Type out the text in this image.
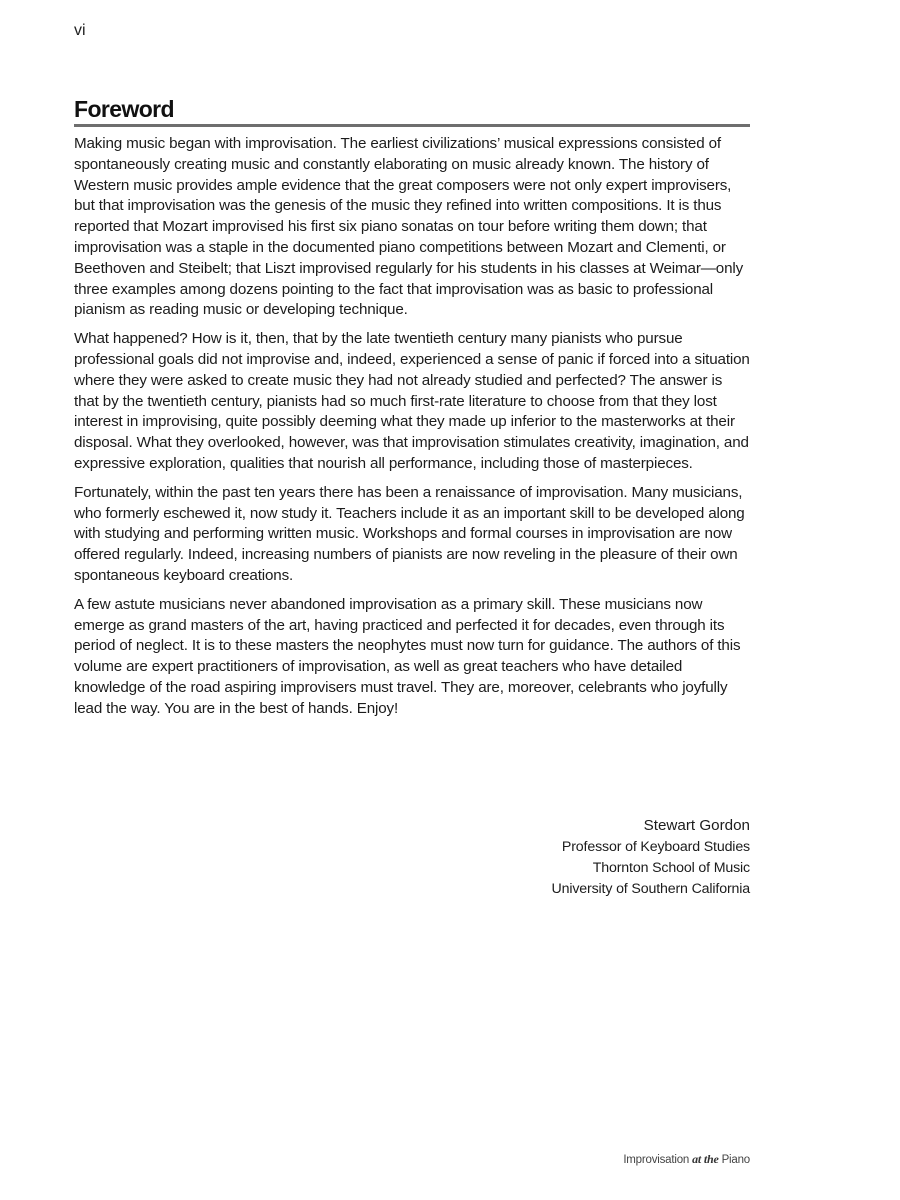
vi
Foreword

Making music began with improvisation. The earliest civilizations’ musical expressions consisted of spontaneously creating music and constantly elaborating on music already known. The history of Western music provides ample evidence that the great composers were not only expert improvisers, but that improvisation was the genesis of the music they refined into written compositions. It is thus reported that Mozart improvised his first six piano sonatas on tour before writing them down; that improvisation was a staple in the documented piano competitions between Mozart and Clementi, or Beethoven and Steibelt; that Liszt improvised regularly for his students in his classes at Weimar—only three examples among dozens pointing to the fact that improvisation was as basic to professional pianism as reading music or developing technique.

What happened? How is it, then, that by the late twentieth century many pianists who pursue professional goals did not improvise and, indeed, experienced a sense of panic if forced into a situation where they were asked to create music they had not already studied and perfected? The answer is that by the twentieth century, pianists had so much first-rate literature to choose from that they lost interest in improvising, quite possibly deeming what they made up inferior to the masterworks at their disposal. What they overlooked, however, was that improvisation stimulates creativity, imagination, and expressive exploration, qualities that nourish all performance, including those of masterpieces.

Fortunately, within the past ten years there has been a renaissance of improvisation. Many musicians, who formerly eschewed it, now study it. Teachers include it as an important skill to be developed along with studying and performing written music. Workshops and formal courses in improvisation are now offered regularly. Indeed, increasing numbers of pianists are now reveling in the pleasure of their own spontaneous keyboard creations.

A few astute musicians never abandoned improvisation as a primary skill. These musicians now emerge as grand masters of the art, having practiced and perfected it for decades, even through its period of neglect. It is to these masters the neophytes must now turn for guidance. The authors of this volume are expert practitioners of improvisation, as well as great teachers who have detailed knowledge of the road aspiring improvisers must travel. They are, moreover, celebrants who joyfully lead the way. You are in the best of hands. Enjoy!

Stewart Gordon
Professor of Keyboard Studies
Thornton School of Music
University of Southern California
Improvisation at the Piano
